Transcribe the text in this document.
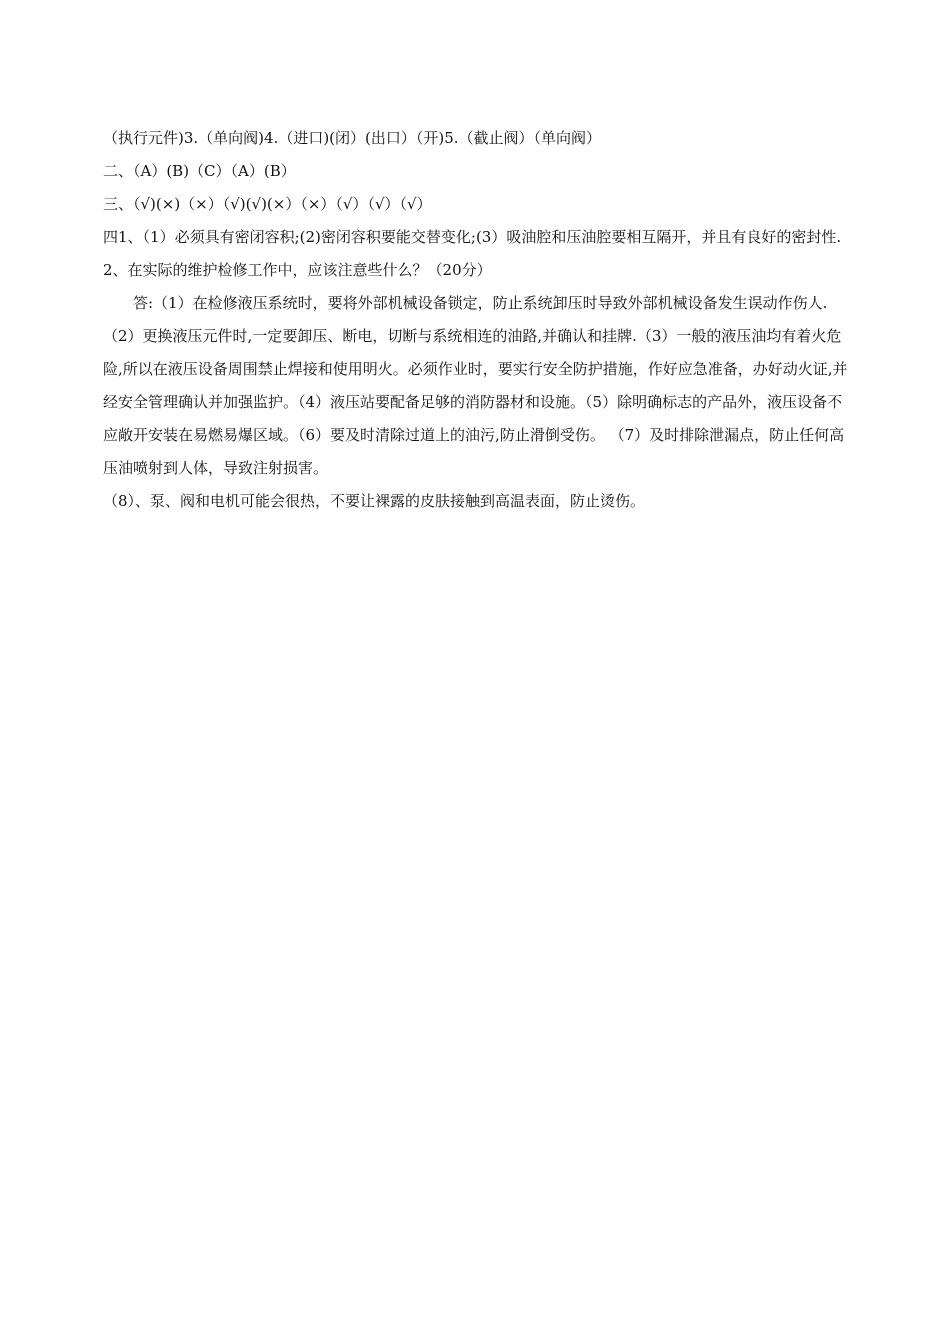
（执行元件)3.（单向阀)4.（进口)(闭）(出口）（开)5.（截止阀）（单向阀）
二、（A）(B)（C）（A）(B）
三、（√)(×)（×）（√)(√)(×）（×）（√）（√）（√）
四1、（1）必须具有密闭容积;(2)密闭容积要能交替变化;(3）吸油腔和压油腔要相互隔开，并且有良好的密封性.
2、在实际的维护检修工作中，应该注意些什么？（20分）
答:（1）在检修液压系统时，要将外部机械设备锁定，防止系统卸压时导致外部机械设备发生误动作伤人.（2）更换液压元件时,一定要卸压、断电，切断与系统相连的油路,并确认和挂牌.（3）一般的液压油均有着火危险,所以在液压设备周围禁止焊接和使用明火。必须作业时，要实行安全防护措施，作好应急准备，办好动火证,并经安全管理确认并加强监护。（4）液压站要配备足够的消防器材和设施。（5）除明确标志的产品外，液压设备不应敞开安装在易燃易爆区域。（6）要及时清除过道上的油污,防止滑倒受伤。 （7）及时排除泄漏点，防止任何高压油喷射到人体，导致注射损害。
（8）、泵、阀和电机可能会很热，不要让裸露的皮肤接触到高温表面，防止烫伤。
